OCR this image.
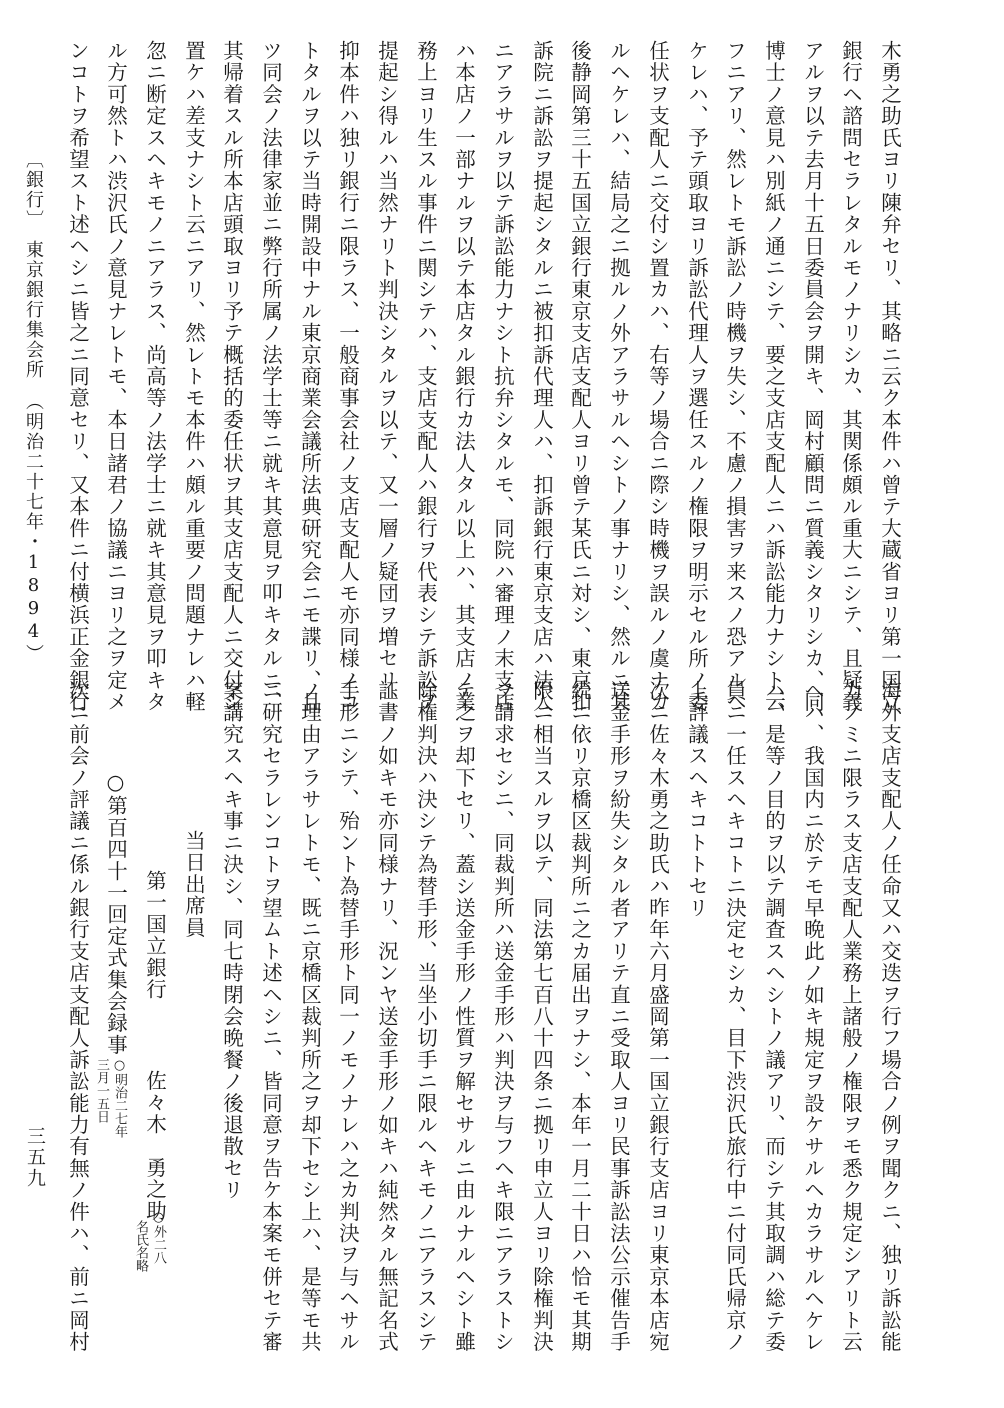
木勇之助氏ヨリ陳弁セリ、其略ニ云ク本件ハ曾テ大蔵省ヨリ第一国立
銀行ヘ諮問セラレタルモノナリシカ、其関係頗ル重大ニシテ、且疑義
アルヲ以テ去月十五日委員会ヲ開キ、岡村顧問ニ質義シタリシカ、同
博士ノ意見ハ別紙ノ通ニシテ、要之支店支配人ニハ訴訟能力ナシト云
フニアリ、然レトモ訴訟ノ時機ヲ失シ、不慮ノ損害ヲ来スノ恐アルヘ
ケレハ、予テ頭取ヨリ訴訟代理人ヲ選任スルノ権限ヲ明示セル所ノ委
任状ヲ支配人ニ交付シ置カハ、右等ノ場合ニ際シ時機ヲ誤ルノ虞ナカ
ルヘケレハ、結局之ニ拠ルノ外アラサルヘシトノ事ナリシ、然ルニ其
後静岡第三十五国立銀行東京支店支配人ヨリ曾テ某氏ニ対シ、東京扣
訴院ニ訴訟ヲ提起シタルニ被扣訴代理人ハ、扣訴銀行東京支店ハ法人
ニアラサルヲ以テ訴訟能力ナシト抗弁シタルモ、同院ハ審理ノ末支店
ハ本店ノ一部ナルヲ以テ本店タル銀行カ法人タル以上ハ、其支店ノ業
務上ヨリ生スル事件ニ関シテハ、支店支配人ハ銀行ヲ代表シテ訴訟ヲ
提起シ得ルハ当然ナリト判決シタルヲ以テ、又一層ノ疑団ヲ増セリ、
抑本件ハ独リ銀行ニ限ラス、一般商事会社ノ支店支配人モ亦同様ノコ
トタルヲ以テ当時開設中ナル東京商業会議所法典研究会ニモ諜リ、且
ツ同会ノ法律家並ニ弊行所属ノ法学士等ニ就キ其意見ヲ叩キタルニ、
其帰着スル所本店頭取ヨリ予テ概括的委任状ヲ其支店支配人ニ交付シ
置ケハ差支ナシト云ニアリ、然レトモ本件ハ頗ル重要ノ問題ナレハ軽
忽ニ断定スヘキモノニアラス、尚高等ノ法学士ニ就キ其意見ヲ叩キタ
ル方可然トハ渋沢氏ノ意見ナレトモ、本日諸君ノ協議ニヨリ之ヲ定メ
ンコトヲ希望スト述ヘシニ皆之ニ同意セリ、又本件ニ付横浜正金銀行
海外支店支配人ノ任命又ハ交迭ヲ行フ場合ノ例ヲ聞クニ、独リ訴訟能
力ノミニ限ラス支店支配人業務上諸般ノ権限ヲモ悉ク規定シアリト云
ヘハ、我国内ニ於テモ早晩此ノ如キ規定ヲ設ケサルヘカラサルヘケレ
ハ、是等ノ目的ヲ以テ調査スヘシトノ議アリ、而シテ其取調ハ総テ委
員ニ一任スヘキコトニ決定セシカ、目下渋沢氏旅行中ニ付同氏帰京ノ
上評議スヘキコトトセリ
次ニ佐々木勇之助氏ハ昨年六月盛岡第一国立銀行支店ヨリ東京本店宛
送金手形ヲ紛失シタル者アリテ直ニ受取人ヨリ民事訴訟法公示催告手
続ニ依リ京橋区裁判所ニ之カ届出ヲナシ、本年一月二十日ハ恰モ其期
限ニ相当スルヲ以テ、同法第七百八十四条ニ拠リ申立人ヨリ除権判決
ヲ請求セシニ、同裁判所ハ送金手形ハ判決ヲ与フヘキ限ニアラストシ
テ之ヲ却下セリ、蓋シ送金手形ノ性質ヲ解セサルニ由ルナルヘシト雖
除権判決ハ決シテ為替手形、当坐小切手ニ限ルヘキモノニアラスシテ
証書ノ如キモ亦同様ナリ、況ンヤ送金手形ノ如キハ純然タル無記名式
手形ニシテ、殆ント為替手形ト同一ノモノナレハ之カ判決ヲ与ヘサル
ノ理由アラサレトモ、既ニ京橋区裁判所之ヲ却下セシ上ハ、是等モ共
ニ研究セラレンコトヲ望ムト述ヘシニ、皆同意ヲ告ケ本案モ併セテ審
案講究スヘキ事ニ決シ、同七時閉会晩餐ノ後退散セリ
当日出席員
第一国立銀行
佐々木　勇之助
○外二八
名氏名略
○第百四十一回定式集会録事
○明治二七年
三月一五日
次ニ前会ノ評議ニ係ル銀行支店支配人訴訟能力有無ノ件ハ、前ニ岡村
〔銀行〕
東京銀行集会所
（明治二十七年・1894）
三五九
